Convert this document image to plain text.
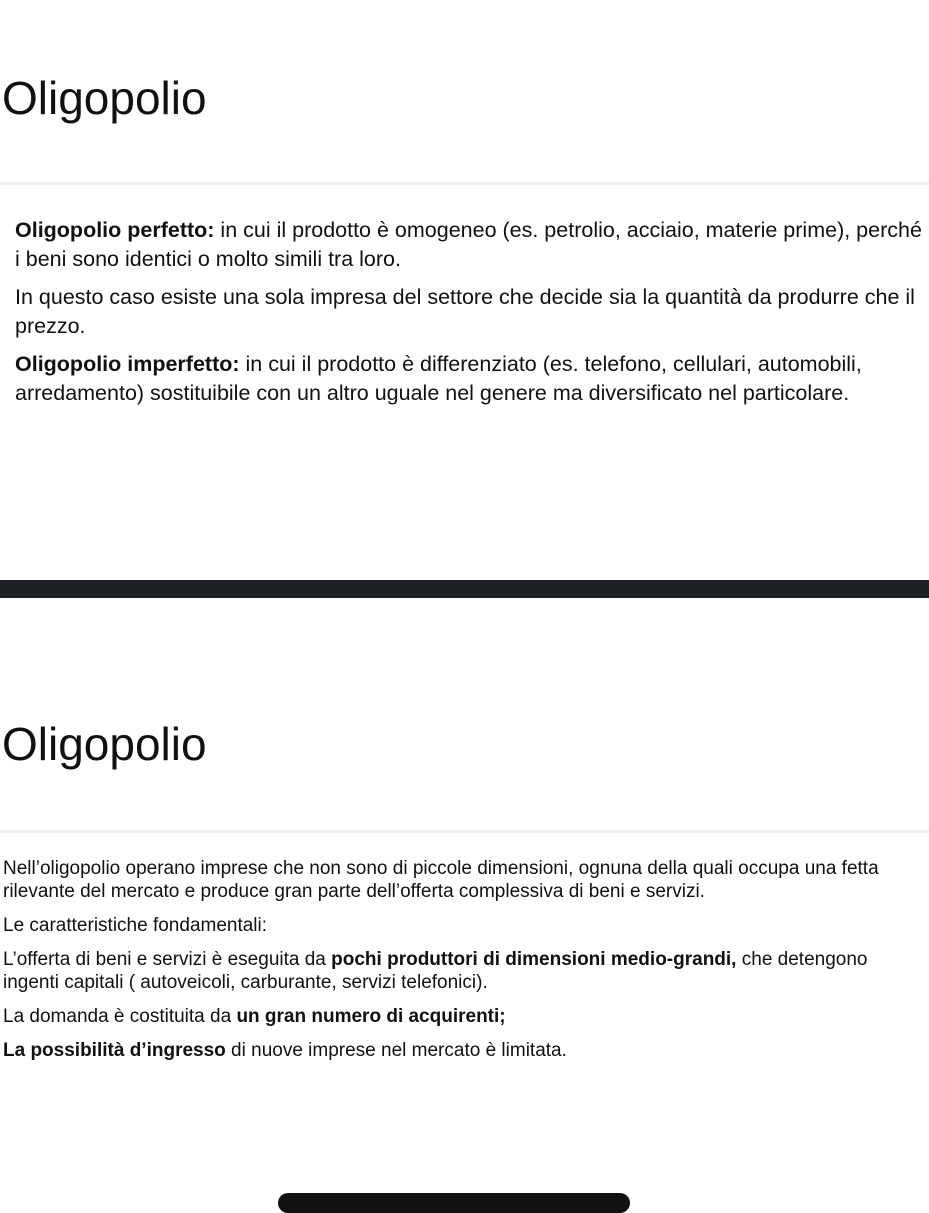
Oligopolio

Oligopolio perfetto: in cui il prodotto è omogeneo (es. petrolio, acciaio, materie prime), perché i beni sono identici o molto simili tra loro.

In questo caso esiste una sola impresa del settore che decide sia la quantità da produrre che il prezzo.

Oligopolio imperfetto: in cui il prodotto è differenziato (es. telefono, cellulari, automobili, arredamento) sostituibile con un altro uguale nel genere ma diversificato nel particolare.

Oligopolio

Nell’oligopolio operano imprese che non sono di piccole dimensioni, ognuna della quali occupa una fetta rilevante del mercato e produce gran parte dell’offerta complessiva di beni e servizi.

Le caratteristiche fondamentali:

L’offerta di beni e servizi è eseguita da pochi produttori di dimensioni medio-grandi, che detengono ingenti capitali ( autoveicoli, carburante, servizi telefonici).

La domanda è costituita da un gran numero di acquirenti;

La possibilità d’ingresso di nuove imprese nel mercato è limitata.
